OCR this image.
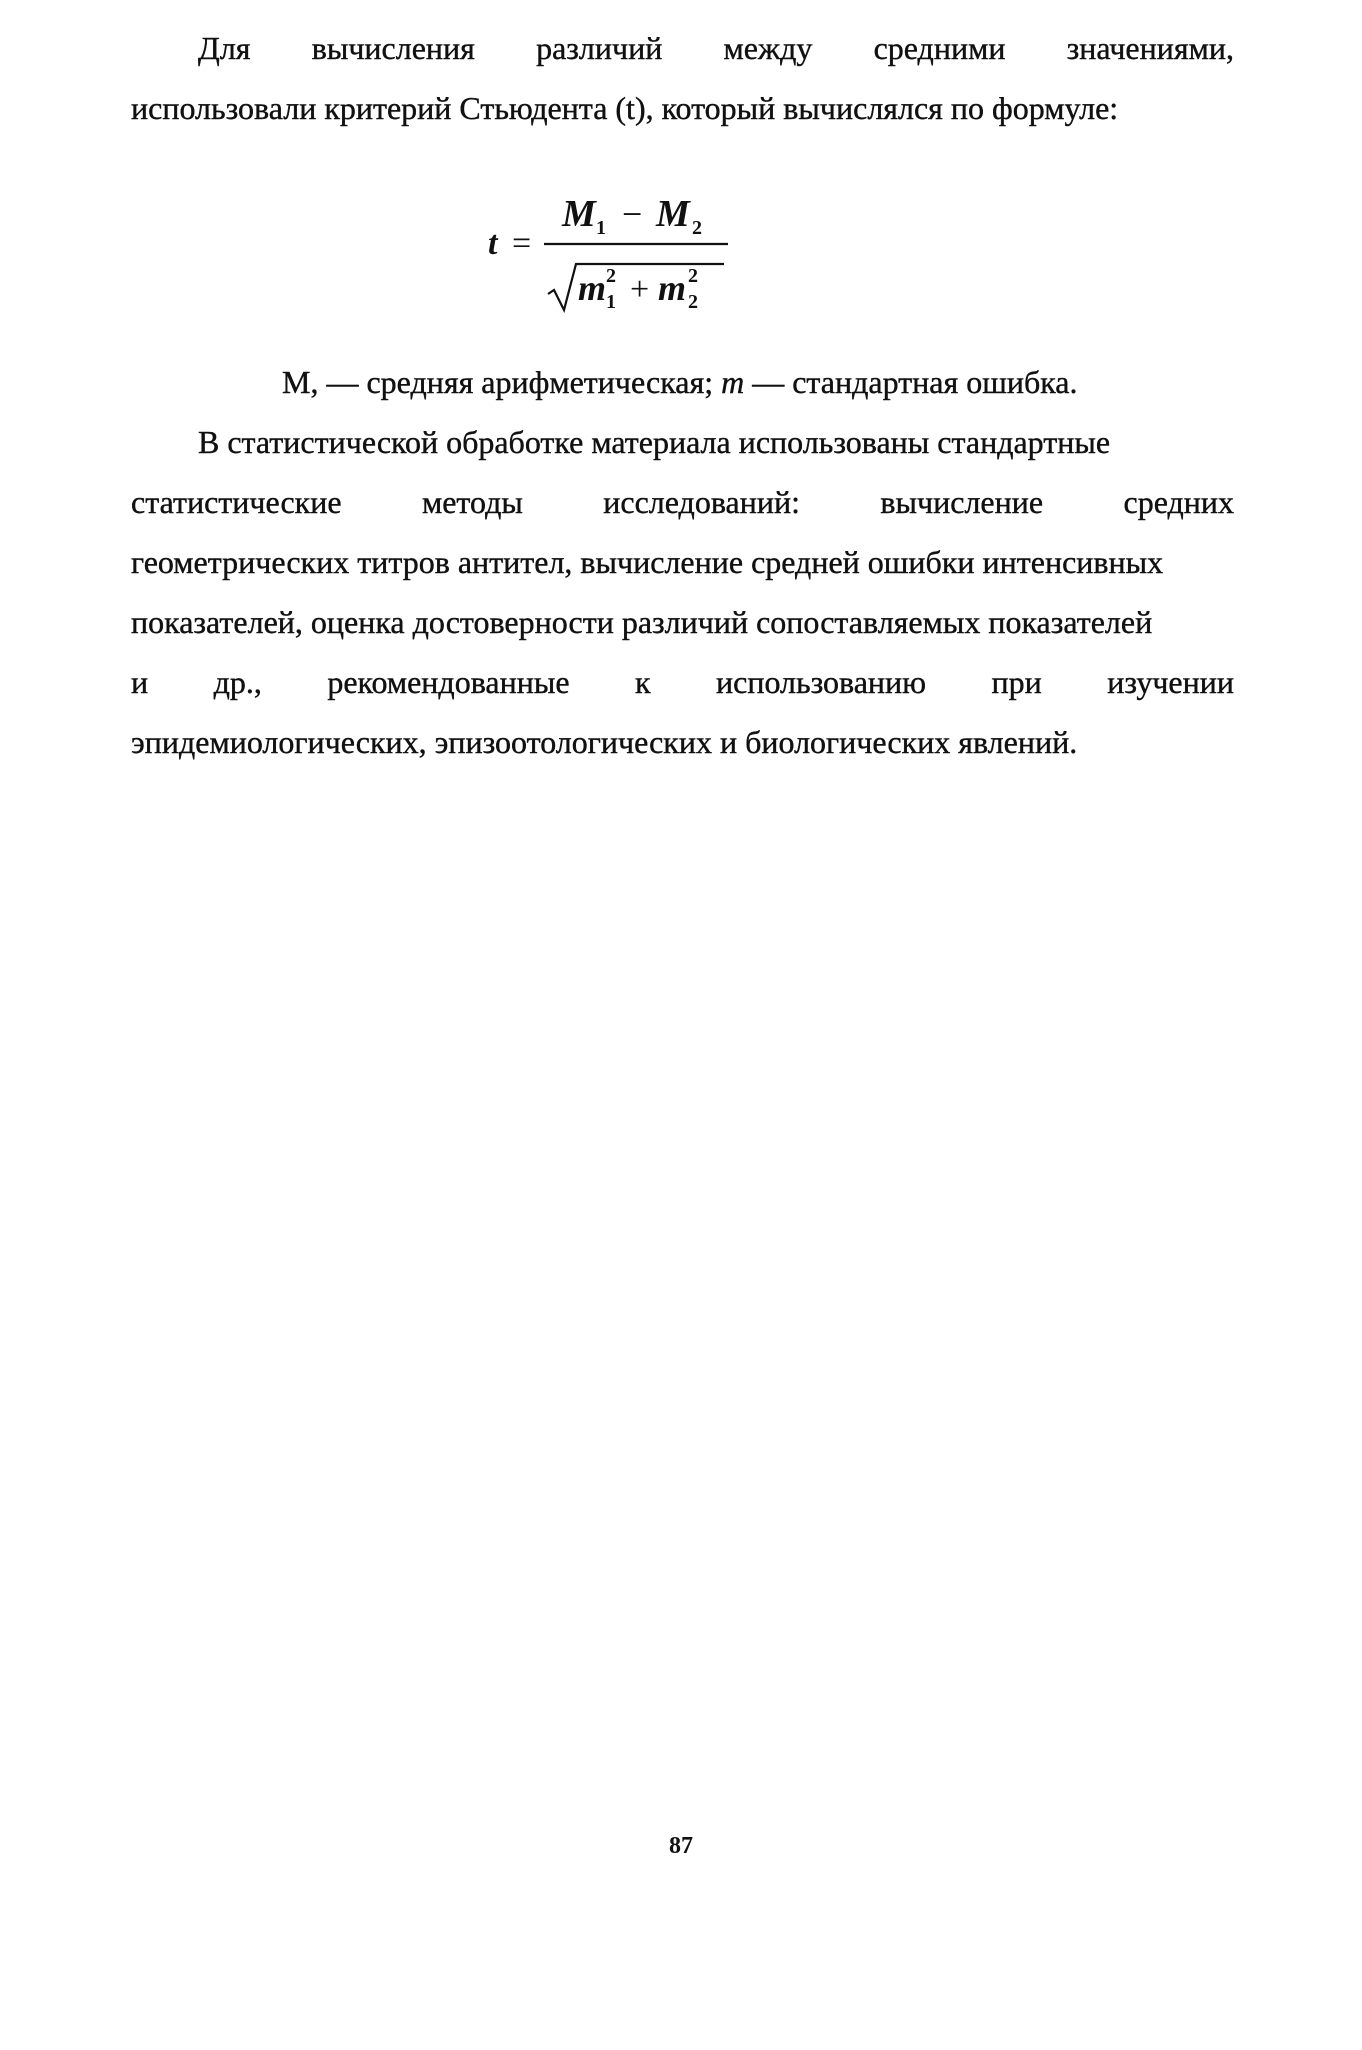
Для вычисления различий между средними значениями,
использовали критерий Стьюдента (t), который вычислялся по формуле:
t =
M 1 − M 2
m 2
1 + m 2
2
М, — средняя арифметическая; m — стандартная ошибка.
В статистической обработке материала использованы стандартные
статистические	методы	исследований:	вычисление	средних
геометрических титров антител, вычисление средней ошибки интенсивных
показателей, оценка достоверности различий сопоставляемых показателей
и др., рекомендованные к использованию при изучении
эпидемиологических, эпизоотологических и биологических явлений.
87
